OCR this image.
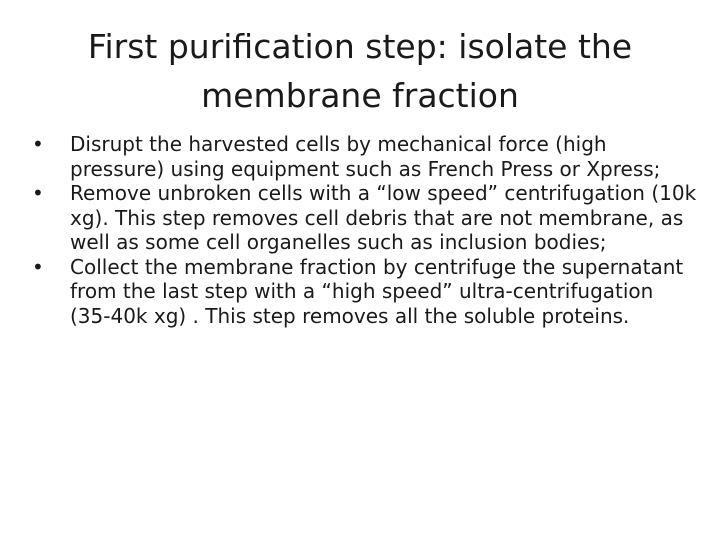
First purification step: isolate the membrane fraction
• Disrupt the harvested cells by mechanical force (high pressure) using equipment such as French Press or Xpress;
• Remove unbroken cells with a “low speed” centrifugation (10k xg). This step removes cell debris that are not membrane, as well as some cell organelles such as inclusion bodies;
• Collect the membrane fraction by centrifuge the supernatant from the last step with a “high speed” ultra-centrifugation (35-40k xg) . This step removes all the soluble proteins.
